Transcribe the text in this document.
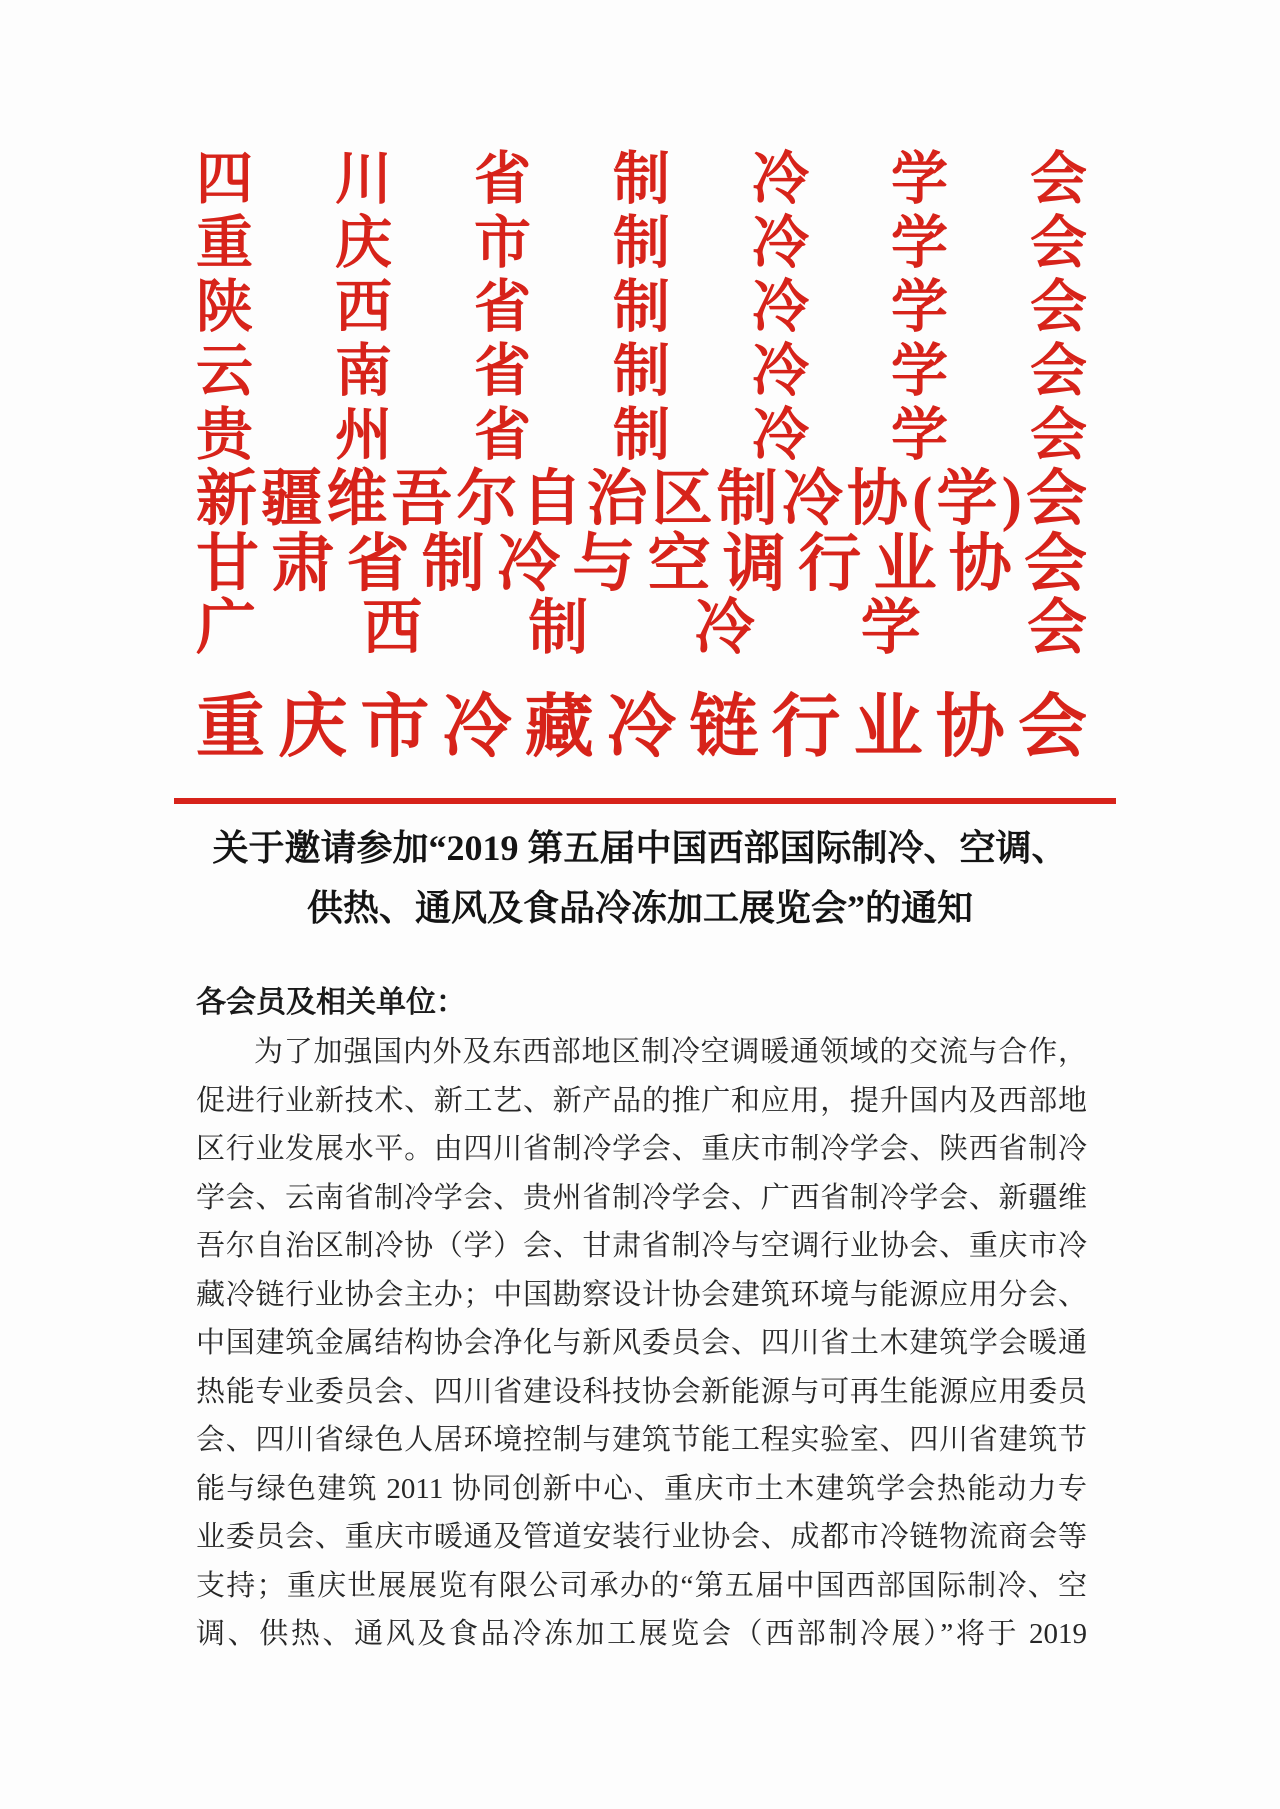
四川省制冷学会
重庆市制冷学会
陕西省制冷学会
云南省制冷学会
贵州省制冷学会
新疆维吾尔自治区制冷协(学)会
甘肃省制冷与空调行业协会
广西制冷学会
重庆市冷藏冷链行业协会
关于邀请参加“2019 第五届中国西部国际制冷、空调、
供热、通风及食品冷冻加工展览会”的通知

各会员及相关单位：

为了加强国内外及东西部地区制冷空调暖通领域的交流与合作，
促进行业新技术、新工艺、新产品的推广和应用，提升国内及西部地
区行业发展水平。由四川省制冷学会、重庆市制冷学会、陕西省制冷
学会、云南省制冷学会、贵州省制冷学会、广西省制冷学会、新疆维
吾尔自治区制冷协（学）会、甘肃省制冷与空调行业协会、重庆市冷
藏冷链行业协会主办；中国勘察设计协会建筑环境与能源应用分会、
中国建筑金属结构协会净化与新风委员会、四川省土木建筑学会暖通
热能专业委员会、四川省建设科技协会新能源与可再生能源应用委员
会、四川省绿色人居环境控制与建筑节能工程实验室、四川省建筑节
能与绿色建筑 2011 协同创新中心、重庆市土木建筑学会热能动力专
业委员会、重庆市暖通及管道安装行业协会、成都市冷链物流商会等
支持；重庆世展展览有限公司承办的“第五届中国西部国际制冷、空
调、供热、通风及食品冷冻加工展览会（西部制冷展）”将于 2019
